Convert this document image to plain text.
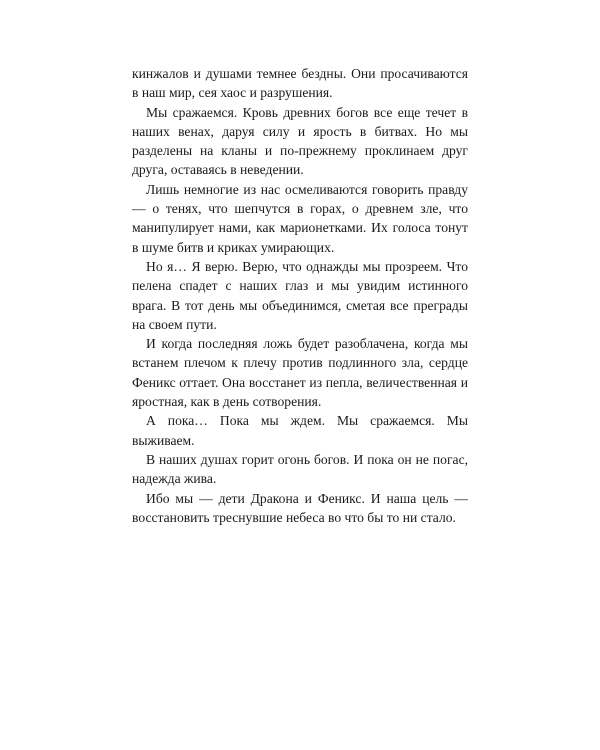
кинжалов и душами темнее бездны. Они просачиваются в наш мир, сея хаос и разрушения.

Мы сражаемся. Кровь древних богов все еще течет в наших венах, даруя силу и ярость в битвах. Но мы разделены на кланы и по-прежнему проклинаем друг друга, оставаясь в неведении.

Лишь немногие из нас осмеливаются говорить правду — о тенях, что шепчутся в горах, о древнем зле, что манипулирует нами, как марионетками. Их голоса тонут в шуме битв и криках умирающих.

Но я… Я верю. Верю, что однажды мы прозреем. Что пелена спадет с наших глаз и мы увидим истинного врага. В тот день мы объединимся, сметая все преграды на своем пути.

И когда последняя ложь будет разоблачена, когда мы встанем плечом к плечу против подлинного зла, сердце Феникс оттает. Она восстанет из пепла, величественная и яростная, как в день сотворения.

А пока… Пока мы ждем. Мы сражаемся. Мы выживаем.

В наших душах горит огонь богов. И пока он не погас, надежда жива.

Ибо мы — дети Дракона и Феникс. И наша цель — восстановить треснувшие небеса во что бы то ни стало.
